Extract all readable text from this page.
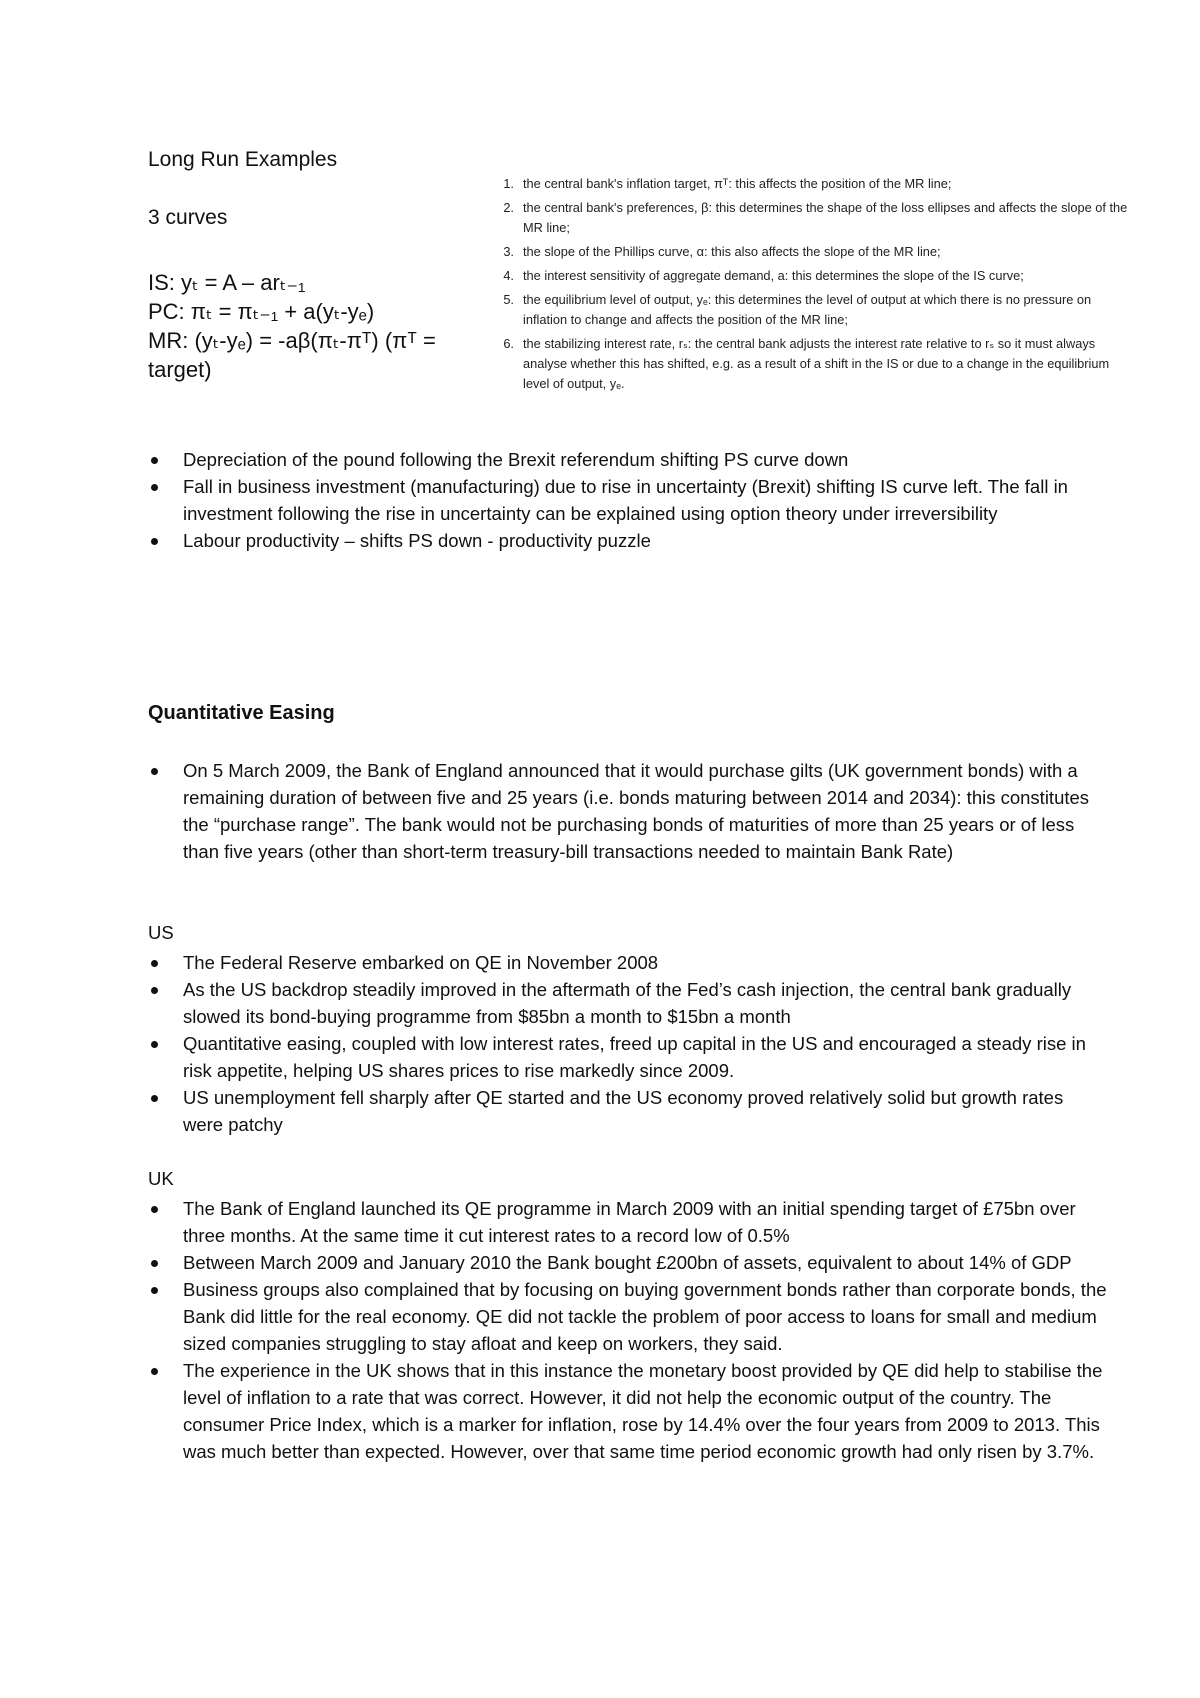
Long Run Examples
3 curves
IS: yₜ = A – arₜ₋₁
PC: πₜ = πₜ₋₁ + a(yₜ-yₑ)
MR: (yₜ-yₑ) = -aβ(πₜ-πᵀ) (πᵀ =
target)
1. the central bank's inflation target, πᵀ: this affects the position of the MR line;
2. the central bank's preferences, β: this determines the shape of the loss ellipses and affects the slope of the MR line;
3. the slope of the Phillips curve, α: this also affects the slope of the MR line;
4. the interest sensitivity of aggregate demand, a: this determines the slope of the IS curve;
5. the equilibrium level of output, yₑ: this determines the level of output at which there is no pressure on inflation to change and affects the position of the MR line;
6. the stabilizing interest rate, rₛ: the central bank adjusts the interest rate relative to rₛ so it must always analyse whether this has shifted, e.g. as a result of a shift in the IS or due to a change in the equilibrium level of output, yₑ.
Depreciation of the pound following the Brexit referendum shifting PS curve down
Fall in business investment (manufacturing) due to rise in uncertainty (Brexit) shifting IS curve left. The fall in investment following the rise in uncertainty can be explained using option theory under irreversibility
Labour productivity – shifts PS down - productivity puzzle
Quantitative Easing
On 5 March 2009, the Bank of England announced that it would purchase gilts (UK government bonds) with a remaining duration of between five and 25 years (i.e. bonds maturing between 2014 and 2034): this constitutes the “purchase range”. The bank would not be purchasing bonds of maturities of more than 25 years or of less than five years (other than short-term treasury-bill transactions needed to maintain Bank Rate)
US
The Federal Reserve embarked on QE in November 2008
As the US backdrop steadily improved in the aftermath of the Fed’s cash injection, the central bank gradually slowed its bond-buying programme from $85bn a month to $15bn a month
Quantitative easing, coupled with low interest rates, freed up capital in the US and encouraged a steady rise in risk appetite, helping US shares prices to rise markedly since 2009.
US unemployment fell sharply after QE started and the US economy proved relatively solid but growth rates were patchy
UK
The Bank of England launched its QE programme in March 2009 with an initial spending target of £75bn over three months. At the same time it cut interest rates to a record low of 0.5%
Between March 2009 and January 2010 the Bank bought £200bn of assets, equivalent to about 14% of GDP
Business groups also complained that by focusing on buying government bonds rather than corporate bonds, the Bank did little for the real economy. QE did not tackle the problem of poor access to loans for small and medium sized companies struggling to stay afloat and keep on workers, they said.
The experience in the UK shows that in this instance the monetary boost provided by QE did help to stabilise the level of inflation to a rate that was correct. However, it did not help the economic output of the country. The consumer Price Index, which is a marker for inflation, rose by 14.4% over the four years from 2009 to 2013. This was much better than expected. However, over that same time period economic growth had only risen by 3.7%.
